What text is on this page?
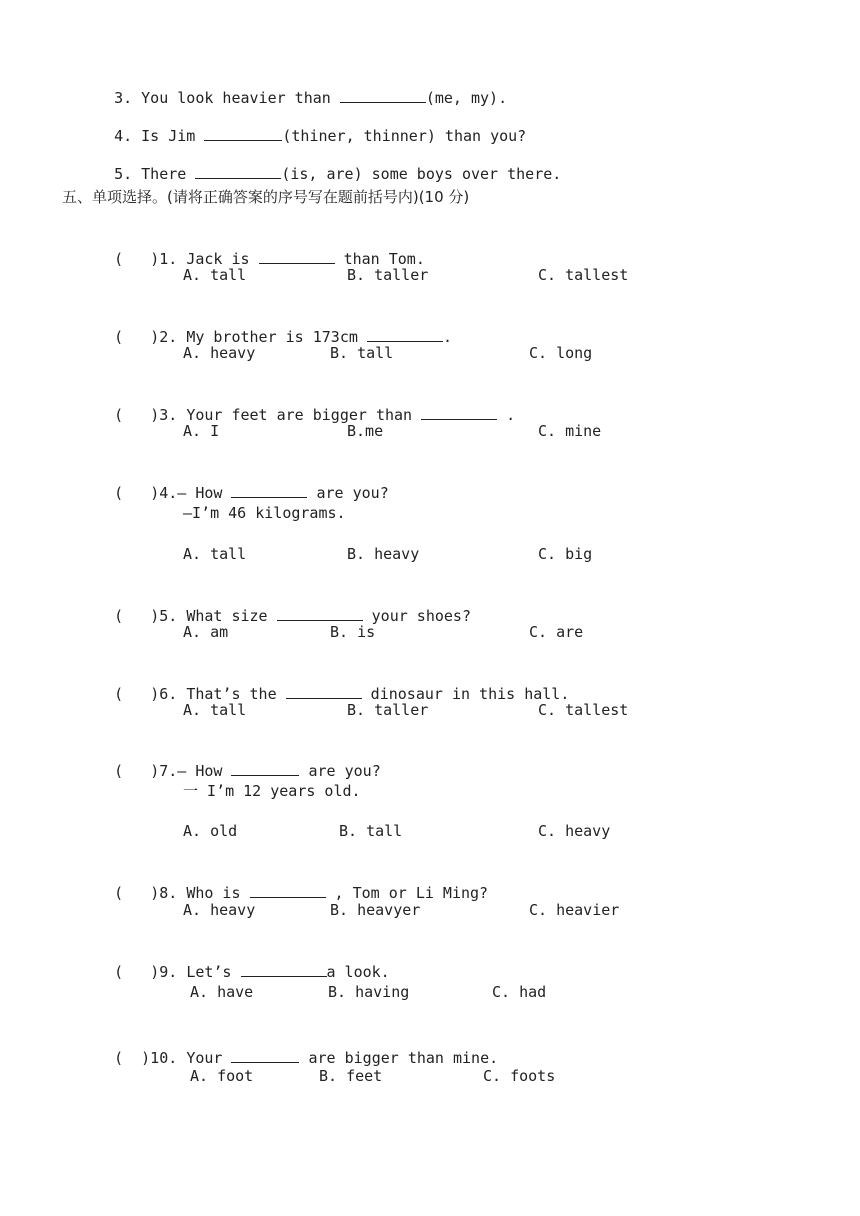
3. You look heavier than	(me, my).

4. Is Jim	(thiner, thinner) than you?

5. There	(is, are) some boys over there.

五、单项选择。(请将正确答案的序号写在题前括号内)(10 分)

(   )1. Jack is	than Tom.

A. tall	B. taller	C. tallest

(   )2. My brother is 173cm	.

A. heavy	B. tall	C. long

(   )3. Your feet are bigger than	.

A. I	B.me	C. mine

(   )4.— How	are you?

—I’m 46 kilograms.
A. tall	B. heavy	C. big

(   )5. What size	your shoes?

A. am	B. is	C. are

(   )6. That’s the	dinosaur in this hall.

A. tall	B. taller	C. tallest

(   )7.— How	are you?

一 I’m 12 years old.
A. old	B. tall	C. heavy

(   )8. Who is	, Tom or Li Ming?

A. heavy	B. heavyer	C. heavier

(   )9. Let’s	a look.

A. have	B. having	C. had

(  )10. Your	are bigger than mine.

A. foot	B. feet	C. foots
